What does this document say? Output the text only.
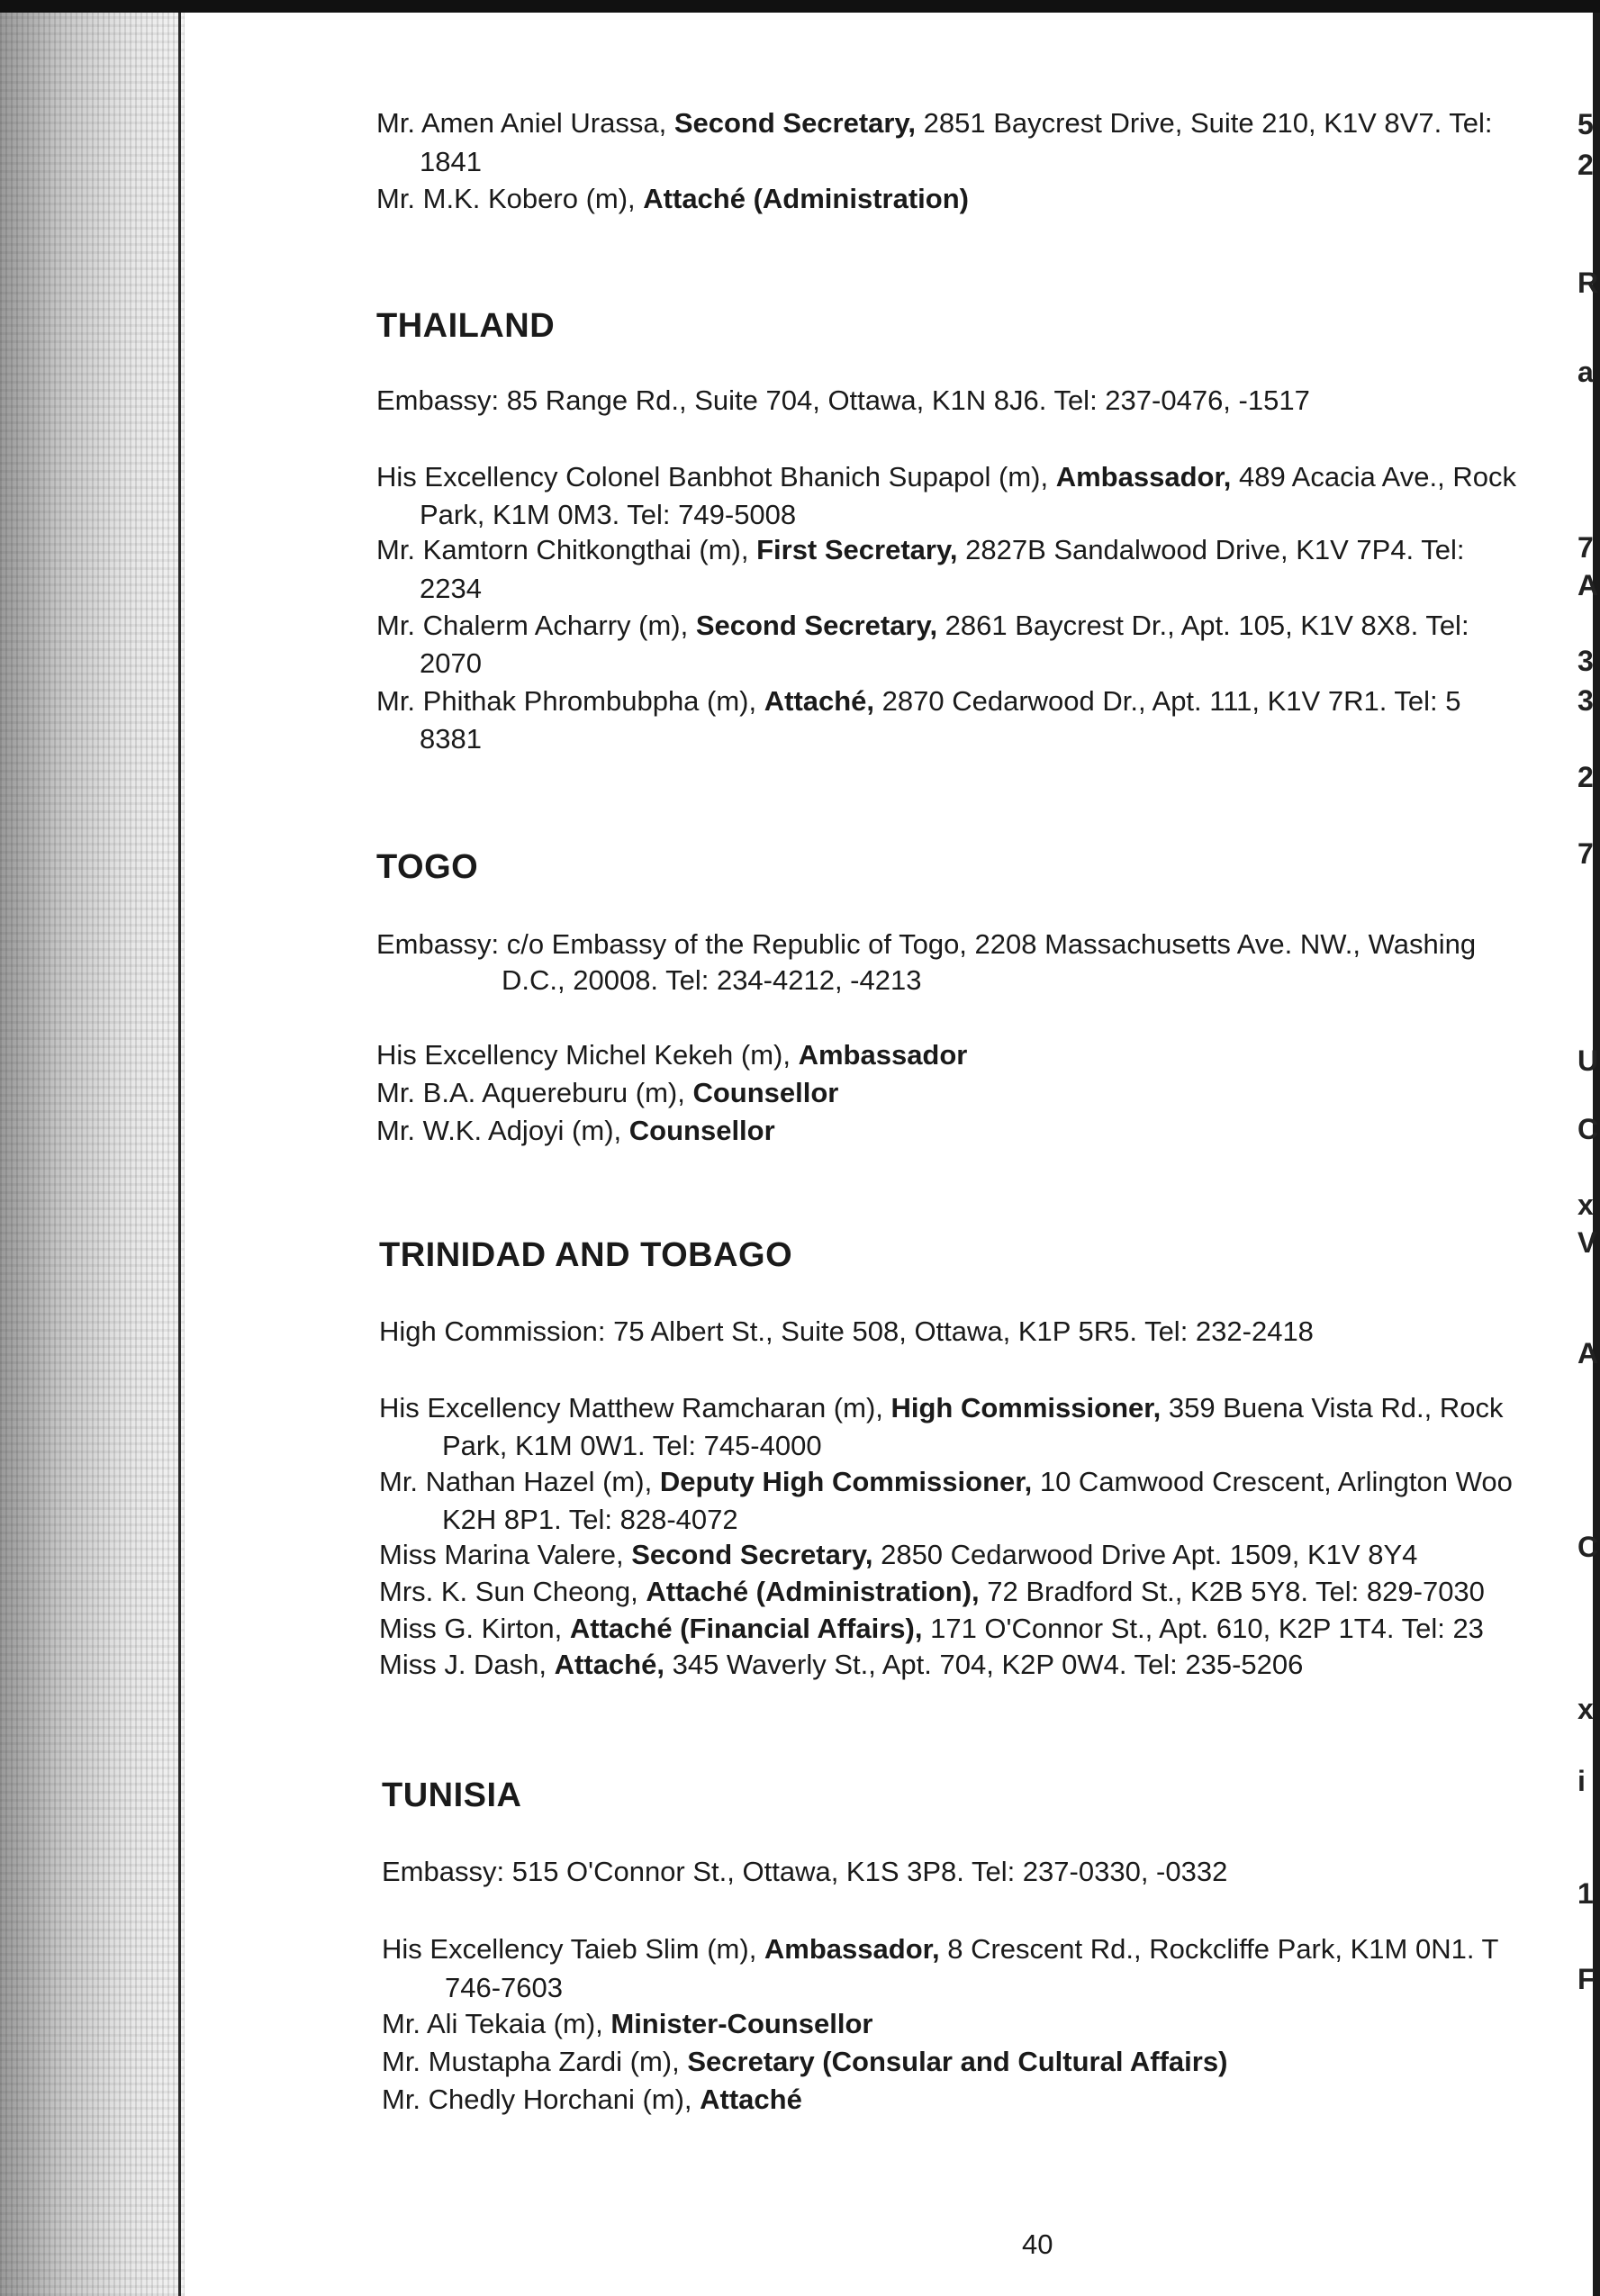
Mr. Amen Aniel Urassa, Second Secretary, 2851 Baycrest Drive, Suite 210, K1V 8V7. Tel:
1841
Mr. M.K. Kobero (m), Attaché (Administration)
THAILAND
Embassy: 85 Range Rd., Suite 704, Ottawa, K1N 8J6. Tel: 237-0476, -1517
His Excellency Colonel Banbhot Bhanich Supapol (m), Ambassador, 489 Acacia Ave., Rock
Park, K1M 0M3. Tel: 749-5008
Mr. Kamtorn Chitkongthai (m), First Secretary, 2827B Sandalwood Drive, K1V 7P4. Tel:
2234
Mr. Chalerm Acharry (m), Second Secretary, 2861 Baycrest Dr., Apt. 105, K1V 8X8. Tel:
2070
Mr. Phithak Phrombubpha (m), Attaché, 2870 Cedarwood Dr., Apt. 111, K1V 7R1. Tel: 5
8381
TOGO
Embassy: c/o Embassy of the Republic of Togo, 2208 Massachusetts Ave. NW., Washing
D.C., 20008. Tel: 234-4212, -4213
His Excellency Michel Kekeh (m), Ambassador
Mr. B.A. Aquereburu (m), Counsellor
Mr. W.K. Adjoyi (m), Counsellor
TRINIDAD AND TOBAGO
High Commission: 75 Albert St., Suite 508, Ottawa, K1P 5R5. Tel: 232-2418
His Excellency Matthew Ramcharan (m), High Commissioner, 359 Buena Vista Rd., Rock
Park, K1M 0W1. Tel: 745-4000
Mr. Nathan Hazel (m), Deputy High Commissioner, 10 Camwood Crescent, Arlington Woo
K2H 8P1. Tel: 828-4072
Miss Marina Valere, Second Secretary, 2850 Cedarwood Drive Apt. 1509, K1V 8Y4
Mrs. K. Sun Cheong, Attaché (Administration), 72 Bradford St., K2B 5Y8. Tel: 829-7030
Miss G. Kirton, Attaché (Financial Affairs), 171 O'Connor St., Apt. 610, K2P 1T4. Tel: 23
Miss J. Dash, Attaché, 345 Waverly St., Apt. 704, K2P 0W4. Tel: 235-5206
TUNISIA
Embassy: 515 O'Connor St., Ottawa, K1S 3P8. Tel: 237-0330, -0332
His Excellency Taieb Slim (m), Ambassador, 8 Crescent Rd., Rockcliffe Park, K1M 0N1. T
746-7603
Mr. Ali Tekaia (m), Minister-Counsellor
Mr. Mustapha Zardi (m), Secretary (Consular and Cultural Affairs)
Mr. Chedly Horchani (m), Attaché
5
2
R
a
7
A
3
3
2
7
U
C
x
V
A
C
x
i
1
F
40
